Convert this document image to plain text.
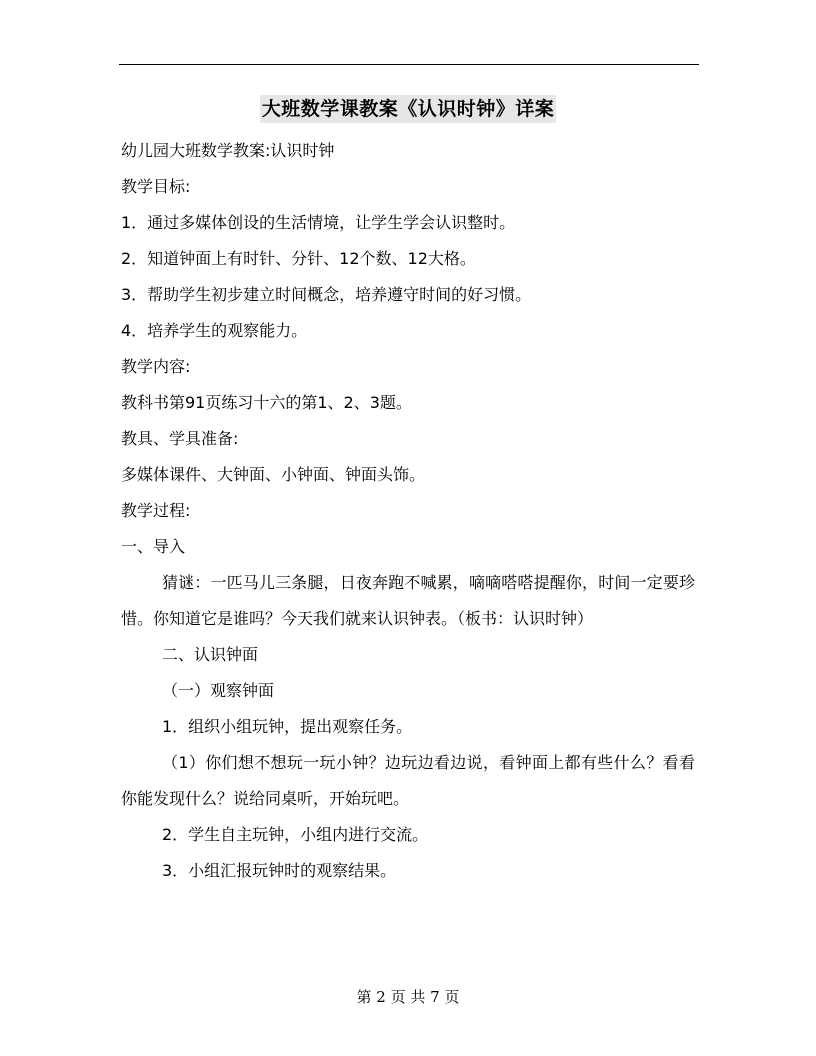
大班数学课教案《认识时钟》详案

幼儿园大班数学教案:认识时钟

教学目标:

1．通过多媒体创设的生活情境，让学生学会认识整时。

2．知道钟面上有时针、分针、12个数、12大格。

3．帮助学生初步建立时间概念，培养遵守时间的好习惯。

4．培养学生的观察能力。

教学内容:

教科书第91页练习十六的第1、2、3题。

教具、学具准备:

多媒体课件、大钟面、小钟面、钟面头饰。

教学过程:

一、导入

猜谜：一匹马儿三条腿，日夜奔跑不喊累，嘀嘀嗒嗒提醒你，时间一定要珍惜。你知道它是谁吗？今天我们就来认识钟表。（板书：认识时钟）

二、认识钟面

（一）观察钟面

1．组织小组玩钟，提出观察任务。

（1）你们想不想玩一玩小钟？边玩边看边说，看钟面上都有些什么？看看你能发现什么？说给同桌听，开始玩吧。

2．学生自主玩钟，小组内进行交流。

3．小组汇报玩钟时的观察结果。

第 2 页 共 7 页
